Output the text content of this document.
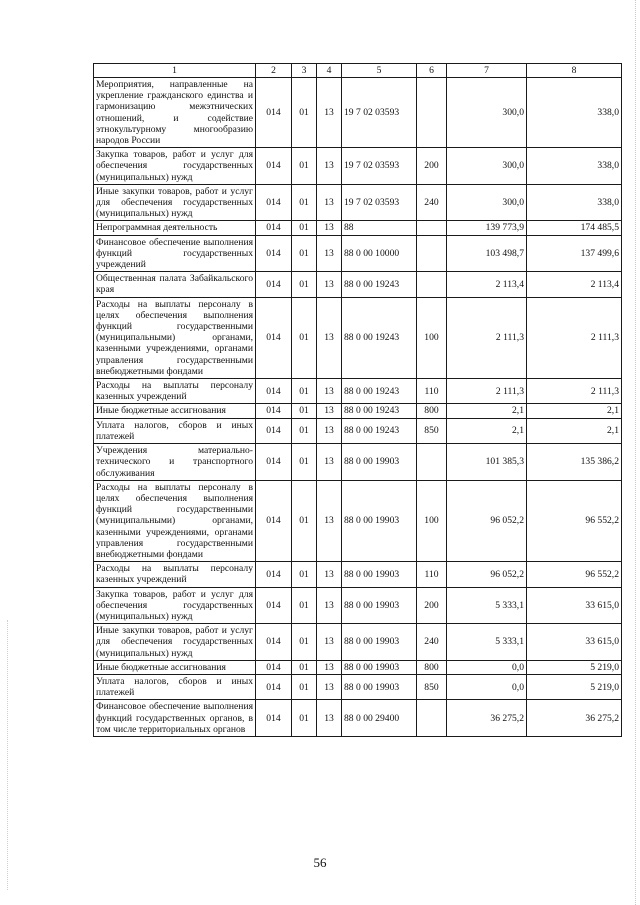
1	2	3	4	5	6	7	8
Мероприятия, направленные на укрепление гражданского единства и гармонизацию межэтнических отношений, и содействие этнокультурному многообразию народов России	014	01	13	19 7 02 03593		300,0	338,0
Закупка товаров, работ и услуг для обеспечения государственных (муниципальных) нужд	014	01	13	19 7 02 03593	200	300,0	338,0
Иные закупки товаров, работ и услуг для обеспечения государственных (муниципальных) нужд	014	01	13	19 7 02 03593	240	300,0	338,0
Непрограммная деятельность	014	01	13	88		139 773,9	174 485,5
Финансовое обеспечение выполнения функций государственных учреждений	014	01	13	88 0 00 10000		103 498,7	137 499,6
Общественная палата Забайкальского края	014	01	13	88 0 00 19243		2 113,4	2 113,4
Расходы на выплаты персоналу в целях обеспечения выполнения функций государственными (муниципальными) органами, казенными учреждениями, органами управления государственными внебюджетными фондами	014	01	13	88 0 00 19243	100	2 111,3	2 111,3
Расходы на выплаты персоналу казенных учреждений	014	01	13	88 0 00 19243	110	2 111,3	2 111,3
Иные бюджетные ассигнования	014	01	13	88 0 00 19243	800	2,1	2,1
Уплата налогов, сборов и иных платежей	014	01	13	88 0 00 19243	850	2,1	2,1
Учреждения материально-технического и транспортного обслуживания	014	01	13	88 0 00 19903		101 385,3	135 386,2
Расходы на выплаты персоналу в целях обеспечения выполнения функций государственными (муниципальными) органами, казенными учреждениями, органами управления государственными внебюджетными фондами	014	01	13	88 0 00 19903	100	96 052,2	96 552,2
Расходы на выплаты персоналу казенных учреждений	014	01	13	88 0 00 19903	110	96 052,2	96 552,2
Закупка товаров, работ и услуг для обеспечения государственных (муниципальных) нужд	014	01	13	88 0 00 19903	200	5 333,1	33 615,0
Иные закупки товаров, работ и услуг для обеспечения государственных (муниципальных) нужд	014	01	13	88 0 00 19903	240	5 333,1	33 615,0
Иные бюджетные ассигнования	014	01	13	88 0 00 19903	800	0,0	5 219,0
Уплата налогов, сборов и иных платежей	014	01	13	88 0 00 19903	850	0,0	5 219,0
Финансовое обеспечение выполнения функций государственных органов, в том числе территориальных органов	014	01	13	88 0 00 29400		36 275,2	36 275,2
56
